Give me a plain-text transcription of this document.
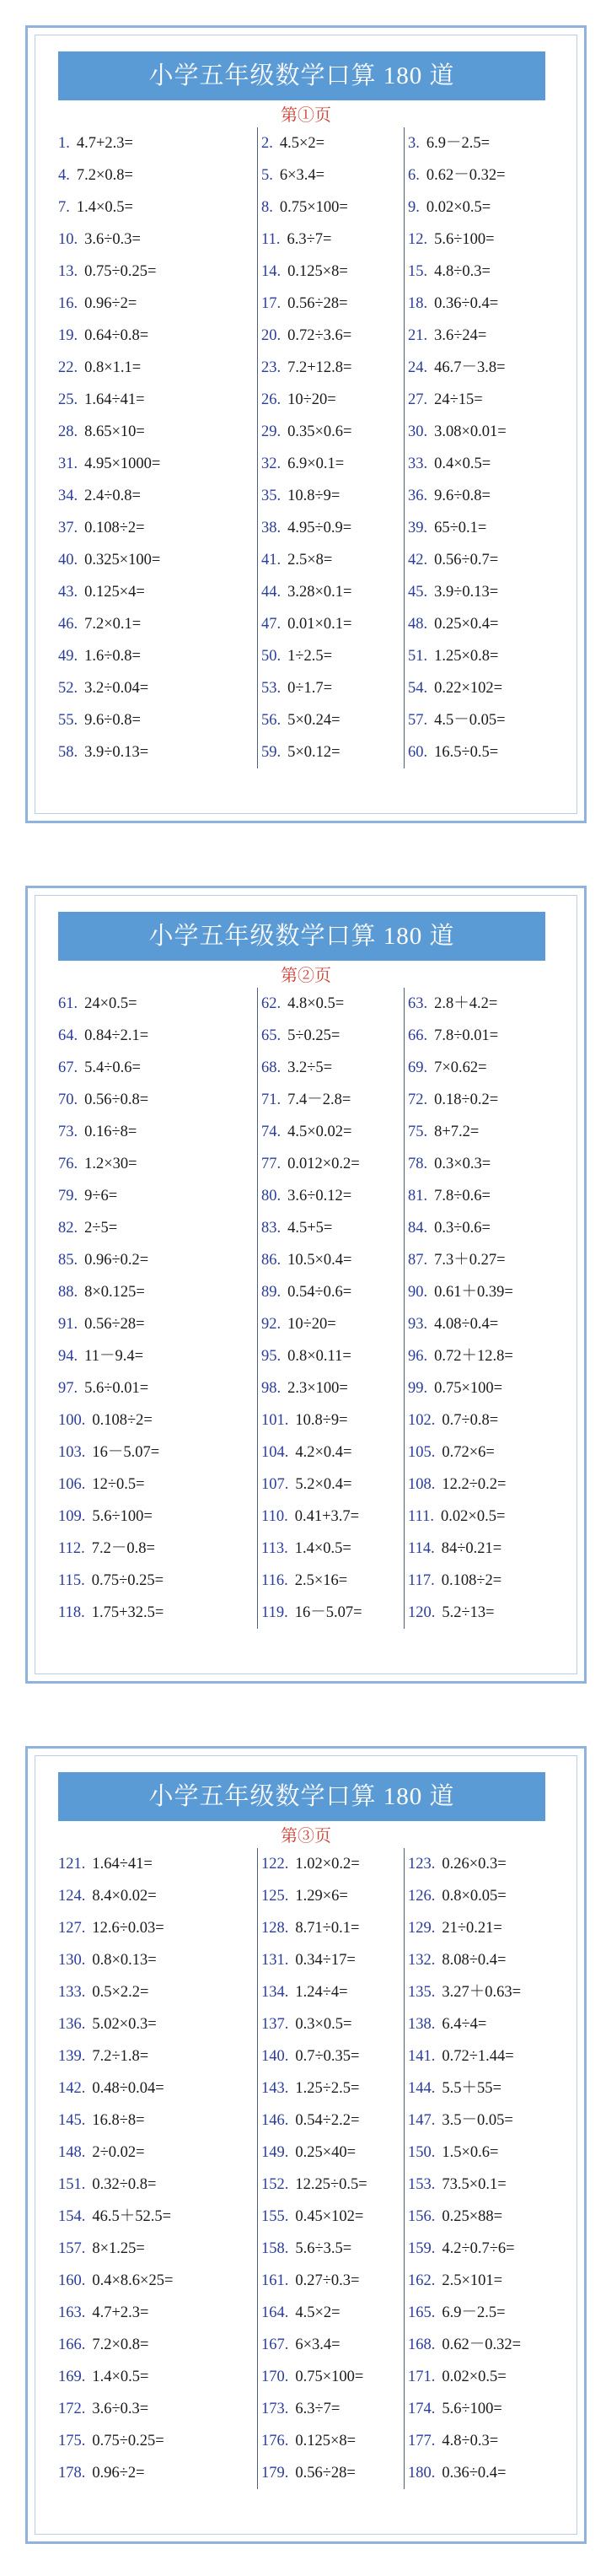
小学五年级数学口算 180 道
第①页
1. 4.7+2.3=
4. 7.2×0.8=
7. 1.4×0.5=
10. 3.6÷0.3=
13. 0.75÷0.25=
16. 0.96÷2=
19. 0.64÷0.8=
22. 0.8×1.1=
25. 1.64÷41=
28. 8.65×10=
31. 4.95×1000=
34. 2.4÷0.8=
37. 0.108÷2=
40. 0.325×100=
43. 0.125×4=
46. 7.2×0.1=
49. 1.6÷0.8=
52. 3.2÷0.04=
55. 9.6÷0.8=
58. 3.9÷0.13=
2. 4.5×2=
5. 6×3.4=
8. 0.75×100=
11. 6.3÷7=
14. 0.125×8=
17. 0.56÷28=
20. 0.72÷3.6=
23. 7.2+12.8=
26. 10÷20=
29. 0.35×0.6=
32. 6.9×0.1=
35. 10.8÷9=
38. 4.95÷0.9=
41. 2.5×8=
44. 3.28×0.1=
47. 0.01×0.1=
50. 1÷2.5=
53. 0÷1.7=
56. 5×0.24=
59. 5×0.12=
3. 6.9－2.5=
6. 0.62－0.32=
9. 0.02×0.5=
12. 5.6÷100=
15. 4.8÷0.3=
18. 0.36÷0.4=
21. 3.6÷24=
24. 46.7－3.8=
27. 24÷15=
30. 3.08×0.01=
33. 0.4×0.5=
36. 9.6÷0.8=
39. 65÷0.1=
42. 0.56÷0.7=
45. 3.9÷0.13=
48. 0.25×0.4=
51. 1.25×0.8=
54. 0.22×102=
57. 4.5－0.05=
60. 16.5÷0.5=
小学五年级数学口算 180 道
第②页
61. 24×0.5=
64. 0.84÷2.1=
67. 5.4÷0.6=
70. 0.56÷0.8=
73. 0.16÷8=
76. 1.2×30=
79. 9÷6=
82. 2÷5=
85. 0.96÷0.2=
88. 8×0.125=
91. 0.56÷28=
94. 11－9.4=
97. 5.6÷0.01=
100. 0.108÷2=
103. 16－5.07=
106. 12÷0.5=
109. 5.6÷100=
112. 7.2－0.8=
115. 0.75÷0.25=
118. 1.75+32.5=
62. 4.8×0.5=
65. 5÷0.25=
68. 3.2÷5=
71. 7.4－2.8=
74. 4.5×0.02=
77. 0.012×0.2=
80. 3.6÷0.12=
83. 4.5+5=
86. 10.5×0.4=
89. 0.54÷0.6=
92. 10÷20=
95. 0.8×0.11=
98. 2.3×100=
101. 10.8÷9=
104. 4.2×0.4=
107. 5.2×0.4=
110. 0.41+3.7=
113. 1.4×0.5=
116. 2.5×16=
119. 16－5.07=
63. 2.8＋4.2=
66. 7.8÷0.01=
69. 7×0.62=
72. 0.18÷0.2=
75. 8+7.2=
78. 0.3×0.3=
81. 7.8÷0.6=
84. 0.3÷0.6=
87. 7.3＋0.27=
90. 0.61＋0.39=
93. 4.08÷0.4=
96. 0.72＋12.8=
99. 0.75×100=
102. 0.7÷0.8=
105. 0.72×6=
108. 12.2÷0.2=
111. 0.02×0.5=
114. 84÷0.21=
117. 0.108÷2=
120. 5.2÷13=
小学五年级数学口算 180 道
第③页
121. 1.64÷41=
124. 8.4×0.02=
127. 12.6÷0.03=
130. 0.8×0.13=
133. 0.5×2.2=
136. 5.02×0.3=
139. 7.2÷1.8=
142. 0.48÷0.04=
145. 16.8÷8=
148. 2÷0.02=
151. 0.32÷0.8=
154. 46.5＋52.5=
157. 8×1.25=
160. 0.4×8.6×25=
163. 4.7+2.3=
166. 7.2×0.8=
169. 1.4×0.5=
172. 3.6÷0.3=
175. 0.75÷0.25=
178. 0.96÷2=
122. 1.02×0.2=
125. 1.29×6=
128. 8.71÷0.1=
131. 0.34÷17=
134. 1.24÷4=
137. 0.3×0.5=
140. 0.7÷0.35=
143. 1.25÷2.5=
146. 0.54÷2.2=
149. 0.25×40=
152. 12.25÷0.5=
155. 0.45×102=
158. 5.6÷3.5=
161. 0.27÷0.3=
164. 4.5×2=
167. 6×3.4=
170. 0.75×100=
173. 6.3÷7=
176. 0.125×8=
179. 0.56÷28=
123. 0.26×0.3=
126. 0.8×0.05=
129. 21÷0.21=
132. 8.08÷0.4=
135. 3.27＋0.63=
138. 6.4÷4=
141. 0.72÷1.44=
144. 5.5＋55=
147. 3.5－0.05=
150. 1.5×0.6=
153. 73.5×0.1=
156. 0.25×88=
159. 4.2÷0.7÷6=
162. 2.5×101=
165. 6.9－2.5=
168. 0.62－0.32=
171. 0.02×0.5=
174. 5.6÷100=
177. 4.8÷0.3=
180. 0.36÷0.4=
